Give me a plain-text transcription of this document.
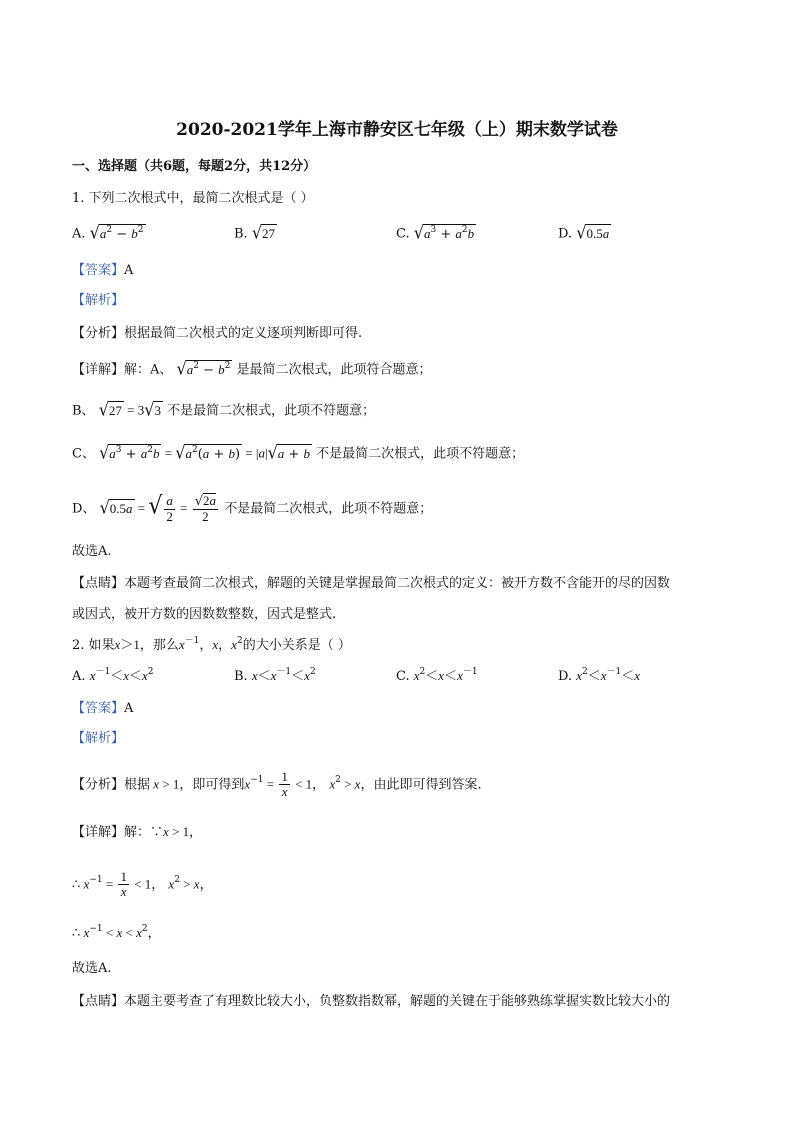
2020-2021学年上海市静安区七年级（上）期末数学试卷
一、选择题（共6题，每题2分，共12分）
1. 下列二次根式中，最简二次根式是（ ）
A. $√a^2 - b^2$	B. √27	C. $√a^3 + a^2b$	D. √0.5a
【答案】A
【解析】
【分析】根据最简二次根式的定义逐项判断即可得.
【详解】解：A、 $√a^2 - b^2$ 是最简二次根式，此项符合题意；
B、 √27 = 3√3 不是最简二次根式，此项不符题意；
C、 $√a^3 + a^2b = √a^2(a + b) = |a|√a + b$ 不是最简二次根式，此项不符题意；
D、 √0.5a = √ $\frac{a}{2} = \frac{√2a}{2}$ 不是最简二次根式，此项不符题意；
故选A.
【点睛】本题考查最简二次根式，解题的关键是掌握最简二次根式的定义：被开方数不含能开的尽的因数
或因式，被开方数的因数数整数，因式是整式.
2. 如果x＞1，那么$x^{-1}$，x，$x^2$的大小关系是（ ）
A. $x^{-1}<x<x^2$	B. $x<x^{-1}<x^2$	C. $x^2<x<x^{-1}$	D. $x^2<x^{-1}<x$
【答案】A
【解析】
【分析】根据 x > 1，即可得到$x^{-1} = \frac{1}{x} < 1$， $x^2 > x$，由此即可得到答案.
【详解】解：∵x > 1，
∴ $x^{-1} = \frac{1}{x} < 1$， $x^2 > x$，
∴ $x^{-1} < x < x^2$，
故选A.
【点睛】本题主要考查了有理数比较大小，负整数指数幂，解题的关键在于能够熟练掌握实数比较大小的
